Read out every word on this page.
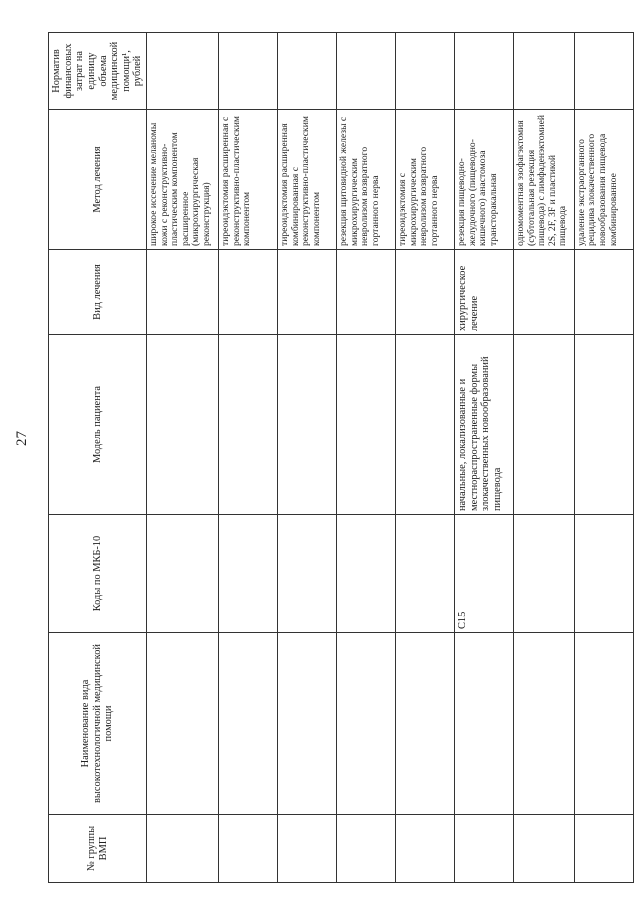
27
№ группы ВМП	Наименование вида высокотехнологичной медицинской помощи	Коды по МКБ-10	Модель пациента	Вид лечения	Метод лечения	Норматив финансовых затрат на единицу объема медицинской помощи¹, рублей
					широкое иссечение меланомы кожи с реконструктивно-пластическим компонентом расширенное (микрохирургическая реконструкция)	
					тиреоидэктомия расширенная с реконструктивно-пластическим компонентом	
					тиреоидэктомия расширенная комбинированная с реконструктивно-пластическим компонентом	
					резекция щитовидной железы с микрохирургическим невролизом возвратного гортанного нерва	
					тиреоидэктомия с микрохирургическим невролизом возвратного гортанного нерва	
		C15	начальные, локализованные и местнораспространенные формы злокачественных новообразований пищевода	хирургическое лечение	резекция пищеводно-желудочного (пищеводно-кишечного) анастомоза трансторакальная	
					одномоментная эзофагэктомия (субтотальная резекция пищевода) с лимфаденэктомией 2S, 2F, 3F и пластикой пищевода	
					удаление экстраорганного рецидива злокачественного новообразования пищевода комбинированное	
